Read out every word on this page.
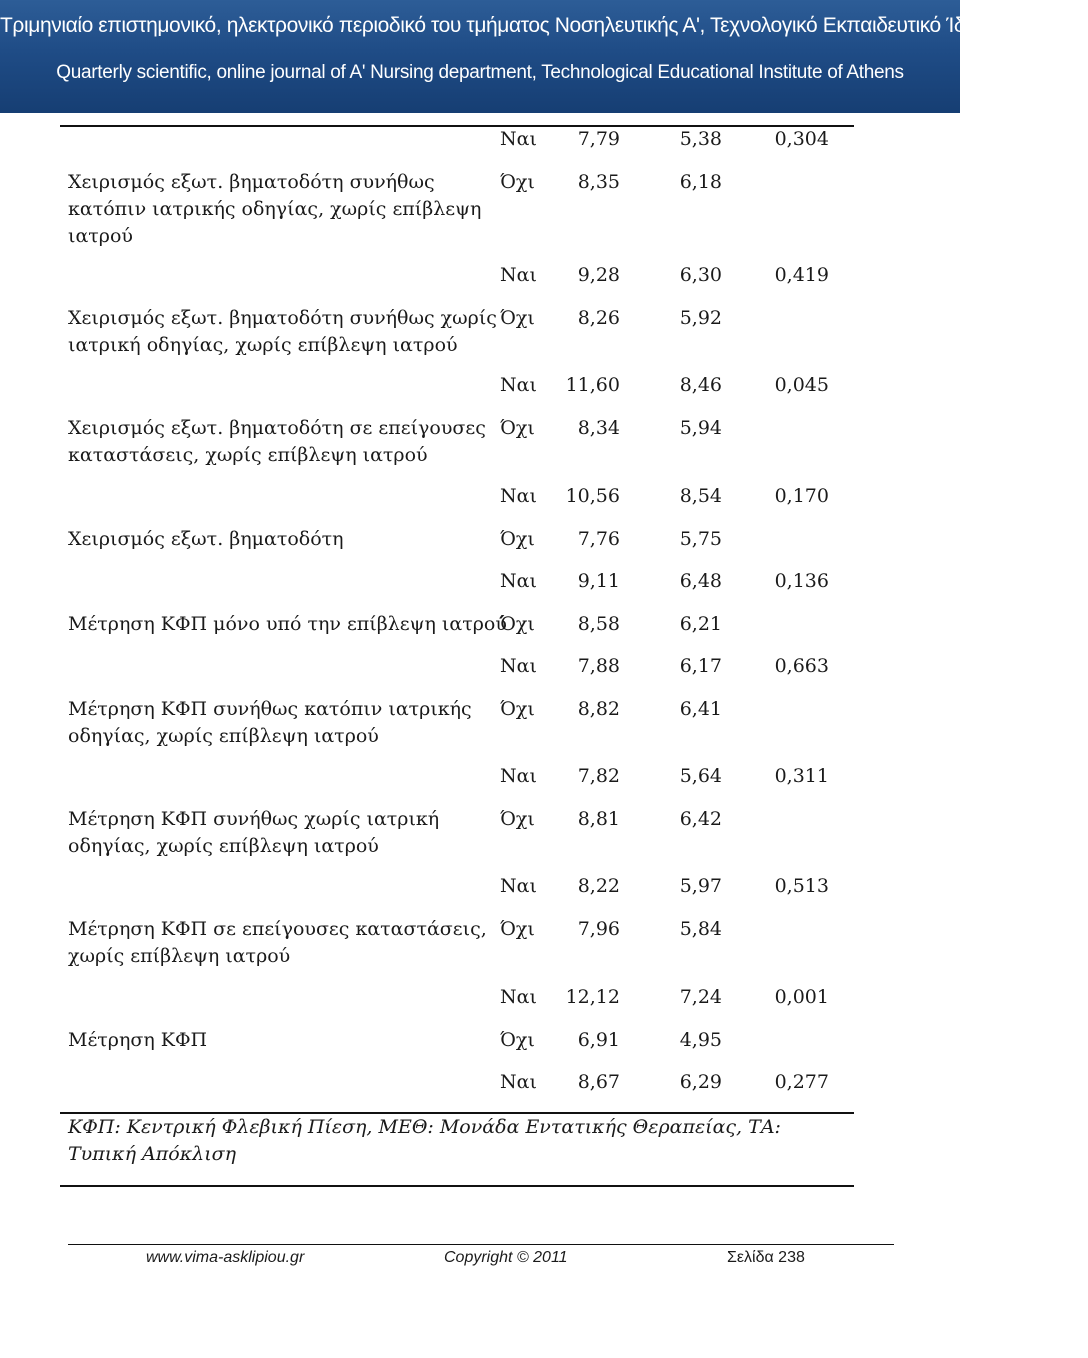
Τριμηνιαίο επιστημονικό, ηλεκτρονικό περιοδικό του τμήματος Νοσηλευτικής Α', Τεχνολογικό Εκπαιδευτικό Ίδρυμα Αθηνών
Quarterly scientific, online journal of A' Nursing department, Technological Educational Institute of Athens
Ναι 7,79	5,38	0,304
Χειρισμός εξωτ. βηματοδότη συνήθως
κατόπιν ιατρικής οδηγίας, χωρίς επίβλεψη
ιατρού
Όχι 8,35	6,18
Ναι 9,28	6,30	0,419
Χειρισμός εξωτ. βηματοδότη συνήθως χωρίς
ιατρική οδηγίας, χωρίς επίβλεψη ιατρού
Όχι 8,26	5,92
Ναι 11,60	8,46	0,045
Χειρισμός εξωτ. βηματοδότη σε επείγουσες
καταστάσεις, χωρίς επίβλεψη ιατρού
Όχι 8,34	5,94
Ναι 10,56	8,54	0,170
Χειρισμός εξωτ. βηματοδότη	Όχι 7,76	5,75
Ναι 9,11	6,48	0,136
Μέτρηση ΚΦΠ μόνο υπό την επίβλεψη ιατρού
Όχι 8,58	6,21
Ναι 7,88	6,17	0,663
Μέτρηση ΚΦΠ συνήθως κατόπιν ιατρικής
οδηγίας, χωρίς επίβλεψη ιατρού
Όχι 8,82	6,41
Ναι 7,82	5,64	0,311
Μέτρηση ΚΦΠ συνήθως χωρίς ιατρική
οδηγίας, χωρίς επίβλεψη ιατρού
Όχι 8,81	6,42
Ναι 8,22	5,97	0,513
Μέτρηση ΚΦΠ σε επείγουσες καταστάσεις,
χωρίς επίβλεψη ιατρού
Όχι 7,96	5,84
Ναι 12,12	7,24	0,001
Μέτρηση ΚΦΠ	Όχι 6,91	4,95
Ναι 8,67	6,29	0,277
ΚΦΠ: Κεντρική Φλεβική Πίεση, ΜΕΘ: Μονάδα Εντατικής Θεραπείας, ΤΑ: Τυπική Απόκλιση
www.vima-asklipiou.gr	Copyright © 2011	Σελίδα 238
